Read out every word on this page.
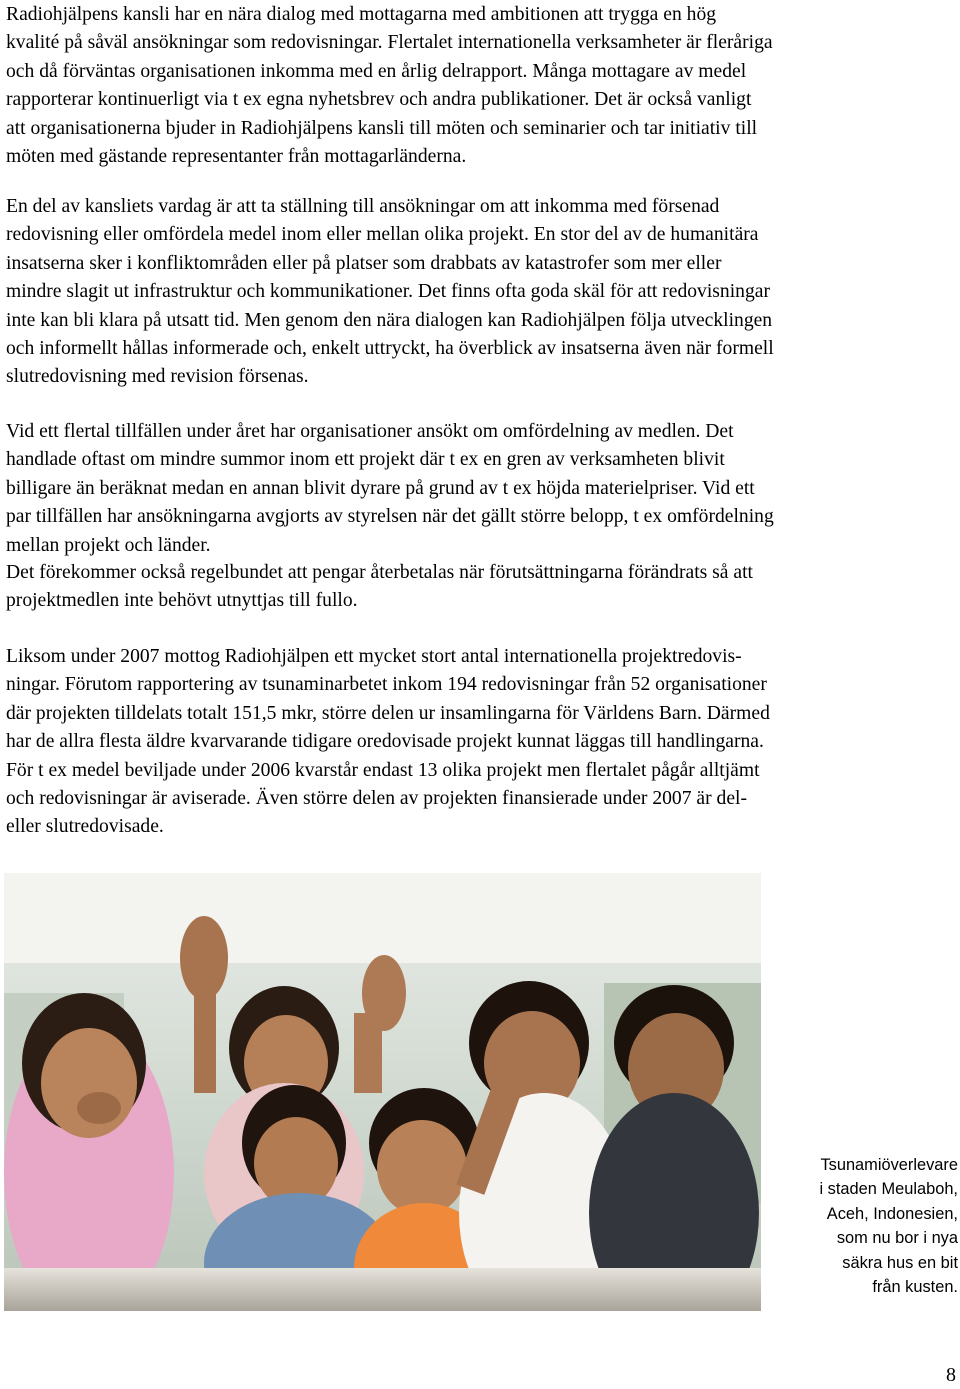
Radiohjälpens kansli har en nära dialog med mottagarna med ambitionen att trygga en hög

kvalité på såväl ansökningar som redovisningar. Flertalet internationella verksamheter är fleråriga

och då förväntas organisationen inkomma med en årlig delrapport. Många mottagare av medel

rapporterar kontinuerligt via t ex egna nyhetsbrev och andra publikationer. Det är också vanligt

att organisationerna bjuder in Radiohjälpens kansli till möten och seminarier och tar initiativ till

möten med gästande representanter från mottagarländerna.

En del av kansliets vardag är att ta ställning till ansökningar om att inkomma med försenad

redovisning eller omfördela medel inom eller mellan olika projekt. En stor del av de humanitära

insatserna sker i konfliktområden eller på platser som drabbats av katastrofer som mer eller

mindre slagit ut infrastruktur och kommunikationer. Det finns ofta goda skäl för att redovisningar

inte kan bli klara på utsatt tid. Men genom den nära dialogen kan Radiohjälpen följa utvecklingen

och informellt hållas informerade och, enkelt uttryckt, ha överblick av insatserna även när formell

slutredovisning med revision försenas.

Vid ett flertal tillfällen under året har organisationer ansökt om omfördelning av medlen. Det

handlade oftast om mindre summor inom ett projekt där t ex en gren av verksamheten blivit

billigare än beräknat medan en annan blivit dyrare på grund av t ex höjda materielpriser. Vid ett

par tillfällen har ansökningarna avgjorts av styrelsen när det gällt större belopp, t ex omfördelning

mellan projekt och länder.

Det förekommer också regelbundet att pengar återbetalas när förutsättningarna förändrats så att

projektmedlen inte behövt utnyttjas till fullo.

Liksom under 2007 mottog Radiohjälpen ett mycket stort antal internationella projektredovis-

ningar. Förutom rapportering av tsunaminarbetet inkom 194 redovisningar från 52 organisationer

där projekten tilldelats totalt 151,5 mkr, större delen ur insamlingarna för Världens Barn. Därmed

har de allra flesta äldre kvarvarande tidigare oredovisade projekt kunnat läggas till handlingarna.

För t ex medel beviljade under 2006 kvarstår endast 13 olika projekt men flertalet pågår alltjämt

och redovisningar är aviserade. Även större delen av projekten finansierade under 2007 är del-

eller slutredovisade.

Tsunamiöverlevare
i staden Meulaboh,
Aceh, Indonesien,
som nu bor i nya
säkra hus en bit
från kusten.
8
